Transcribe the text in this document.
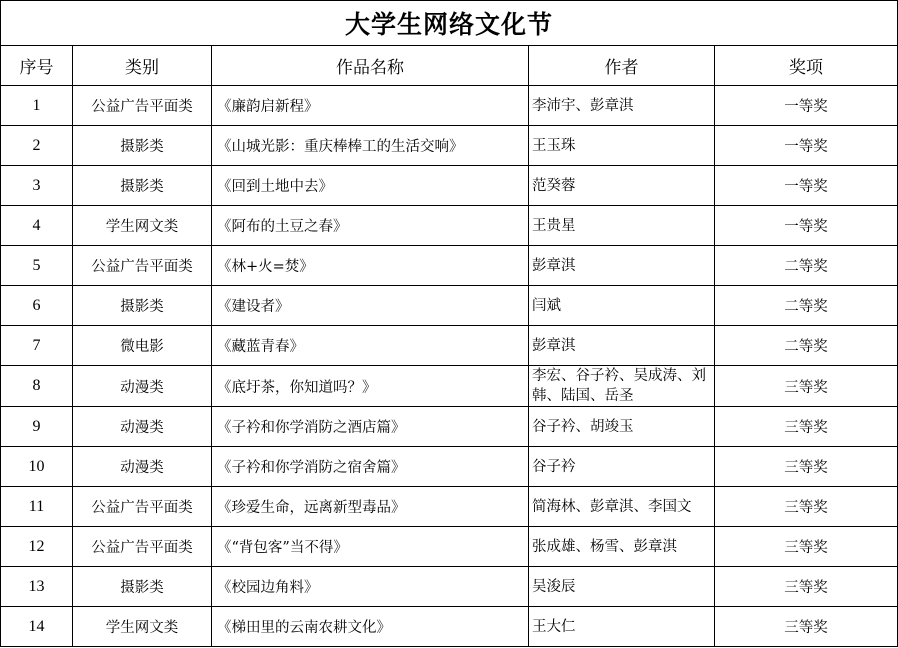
大学生网络文化节				
序号	类别	作品名称	作者	奖项
1	公益广告平面类	《廉韵启新程》	李沛宇、彭章淇	一等奖
2	摄影类	《山城光影：重庆棒棒工的生活交响》	王玉珠	一等奖
3	摄影类	《回到土地中去》	范癸蓉	一等奖
4	学生网文类	《阿布的土豆之春》	王贵星	一等奖
5	公益广告平面类	《林+火=焚》	彭章淇	二等奖
6	摄影类	《建设者》	闫斌	二等奖
7	微电影	《藏蓝青春》	彭章淇	二等奖
8	动漫类	《底圩茶，你知道吗？》	李宏、谷子衿、吴成涛、刘韩、陆国、岳圣	三等奖
9	动漫类	《子衿和你学消防之酒店篇》	谷子衿、胡竣玉	三等奖
10	动漫类	《子衿和你学消防之宿舍篇》	谷子衿	三等奖
11	公益广告平面类	《珍爱生命，远离新型毒品》	简海林、彭章淇、李国文	三等奖
12	公益广告平面类	《“背包客”当不得》	张成雄、杨雪、彭章淇	三等奖
13	摄影类	《校园边角料》	吴浚辰	三等奖
14	学生网文类	《梯田里的云南农耕文化》	王大仁	三等奖
